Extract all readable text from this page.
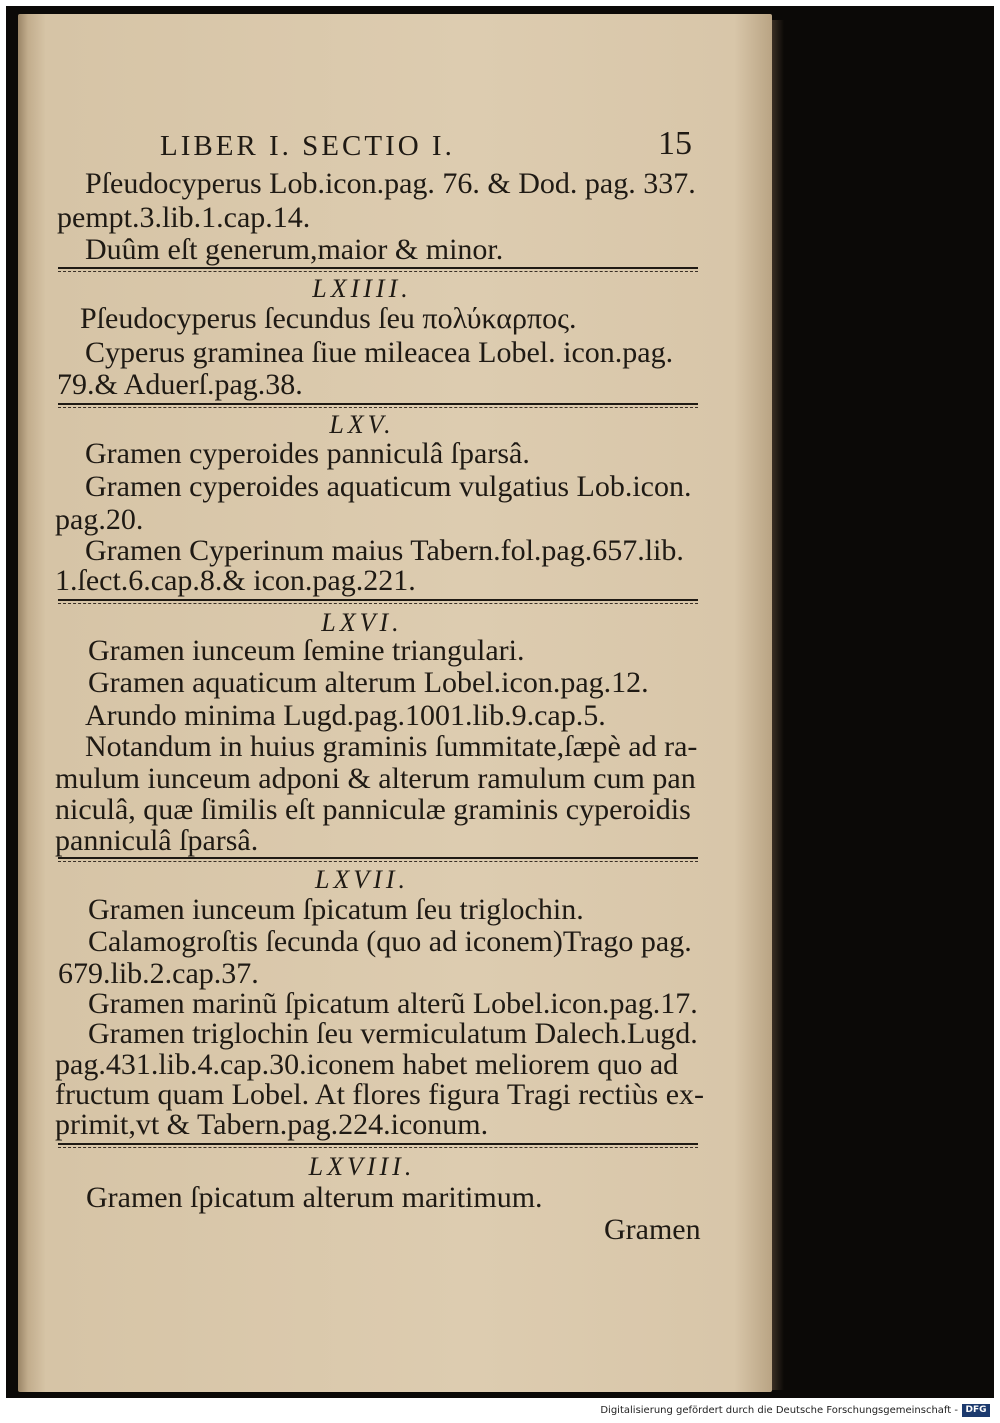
LIBER I. SECTIO I.	15
Pſeudocyperus Lob.icon.pag. 76. & Dod. pag. 337.
pempt.3.lib.1.cap.14.
Duûm eſt generum,maior & minor.
LXIIII.
Pſeudocyperus ſecundus ſeu πολύκαρπος.
Cyperus graminea ſiue mileacea Lobel. icon.pag.
79.& Aduerſ.pag.38.
LXV.
Gramen cyperoides panniculâ ſparsâ.
Gramen cyperoides aquaticum vulgatius Lob.icon.
pag.20.
Gramen Cyperinum maius Tabern.fol.pag.657.lib.
1.ſect.6.cap.8.& icon.pag.221.
LXVI.
Gramen iunceum ſemine triangulari.
Gramen aquaticum alterum Lobel.icon.pag.12.
Arundo minima Lugd.pag.1001.lib.9.cap.5.
Notandum in huius graminis ſummitate,ſæpè ad ra-
mulum iunceum adponi & alterum ramulum cum pan
niculâ, quæ ſimilis eſt panniculæ graminis cyperoidis
panniculâ ſparsâ.
LXVII.
Gramen iunceum ſpicatum ſeu triglochin.
Calamogroſtis ſecunda (quo ad iconem)Trago pag.
679.lib.2.cap.37.
Gramen marinũ ſpicatum alterũ Lobel.icon.pag.17.
Gramen triglochin ſeu vermiculatum Dalech.Lugd.
pag.431.lib.4.cap.30.iconem habet meliorem quo ad
fructum quam Lobel. At flores figura Tragi rectiùs ex-
primit,vt & Tabern.pag.224.iconum.
LXVIII.
Gramen ſpicatum alterum maritimum.
Gramen
Digitalisierung gefördert durch die Deutsche Forschungsgemeinschaft - DFG
